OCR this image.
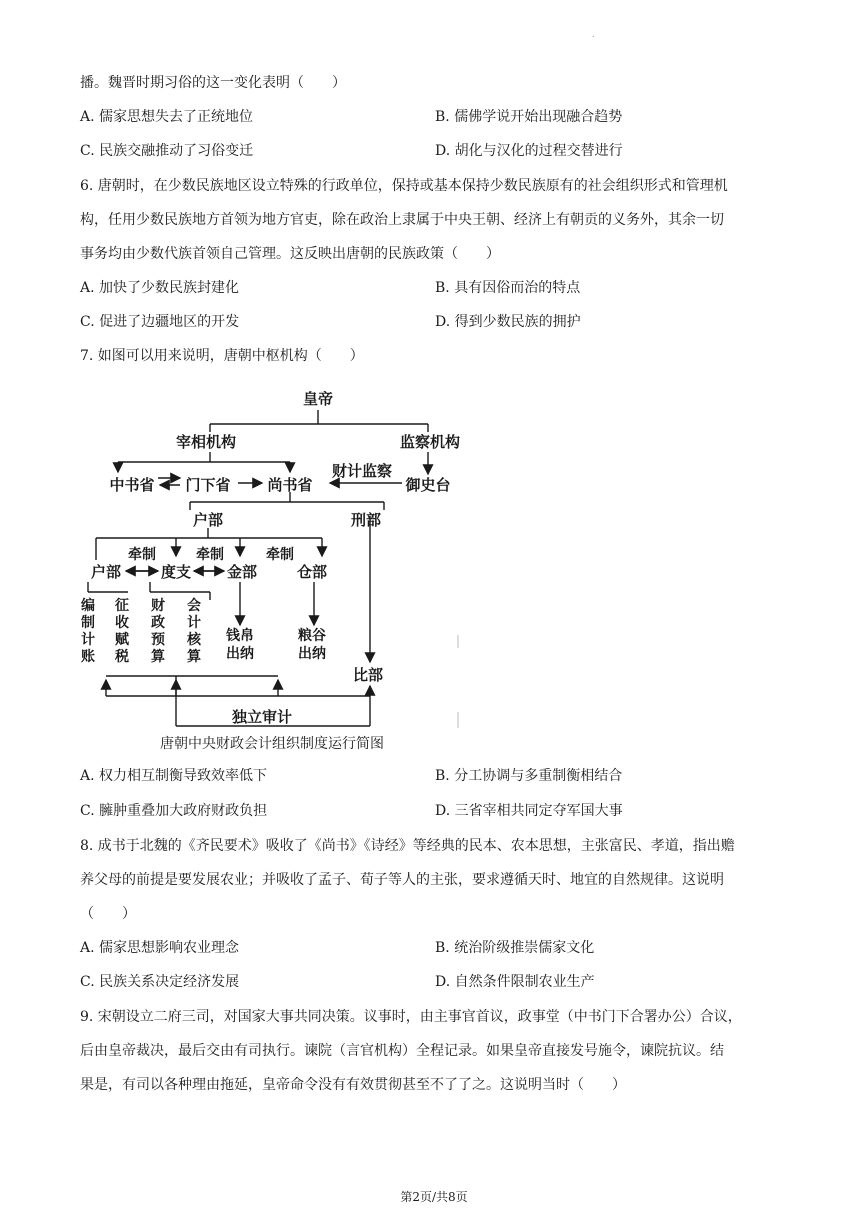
.
播。魏晋时期习俗的这一变化表明（　　）
A. 儒家思想失去了正统地位	B. 儒佛学说开始出现融合趋势
C. 民族交融推动了习俗变迁	D. 胡化与汉化的过程交替进行
6. 唐朝时，在少数民族地区设立特殊的行政单位，保持或基本保持少数民族原有的社会组织形式和管理机
构，任用少数民族地方首领为地方官吏，除在政治上隶属于中央王朝、经济上有朝贡的义务外，其余一切
事务均由少数代族首领自己管理。这反映出唐朝的民族政策（　　）
A. 加快了少数民族封建化	B. 具有因俗而治的特点
C. 促进了边疆地区的开发	D. 得到少数民族的拥护
7. 如图可以用来说明，唐朝中枢机构（　　）
皇帝
宰相机构	监察机构
中书省 门下省 尚书省
财计监察
御史台
户部	刑部
牵制	牵制	牵制
户部	度支 金部	仓部
编制计账
征收赋税
财政预算
会计核算
钱帛
出纳
粮谷
出纳
比部
独立审计
唐朝中央财政会计组织制度运行简图
A. 权力相互制衡导致效率低下	B. 分工协调与多重制衡相结合
C. 臃肿重叠加大政府财政负担	D. 三省宰相共同定夺军国大事
8. 成书于北魏的《齐民要术》吸收了《尚书》《诗经》等经典的民本、农本思想，主张富民、孝道，指出赡
养父母的前提是要发展农业；并吸收了孟子、荀子等人的主张，要求遵循天时、地宜的自然规律。这说明
（　　）
A. 儒家思想影响农业理念	B. 统治阶级推崇儒家文化
C. 民族关系决定经济发展	D. 自然条件限制农业生产
9. 宋朝设立二府三司，对国家大事共同决策。议事时，由主事官首议，政事堂（中书门下合署办公）合议，
后由皇帝裁决，最后交由有司执行。谏院（言官机构）全程记录。如果皇帝直接发号施令，谏院抗议。结
果是，有司以各种理由拖延，皇帝命令没有有效贯彻甚至不了了之。这说明当时（　　）
第2页/共8页
